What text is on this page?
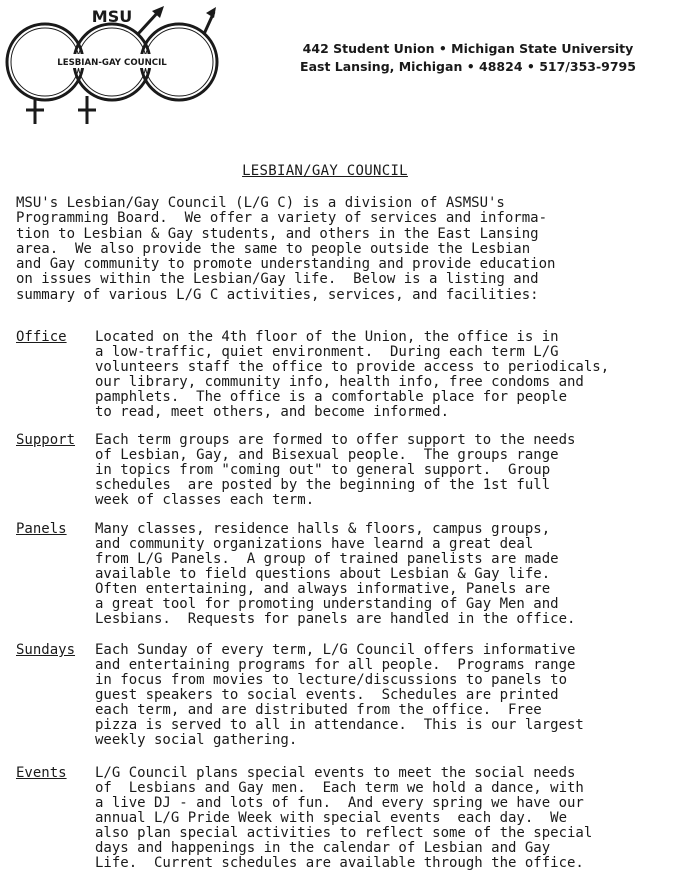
MSU
LESBIAN-GAY COUNCIL
442 Student Union • Michigan State University
East Lansing, Michigan • 48824 • 517/353-9795
LESBIAN/GAY COUNCIL
MSU's Lesbian/Gay Council (L/G C) is a division of ASMSU's
Programming Board.  We offer a variety of services and informa-
tion to Lesbian & Gay students, and others in the East Lansing
area.  We also provide the same to people outside the Lesbian
and Gay community to promote understanding and provide education
on issues within the Lesbian/Gay life.  Below is a listing and
summary of various L/G C activities, services, and facilities:
Office Located on the 4th floor of the Union, the office is in
a low-traffic, quiet environment.  During each term L/G
volunteers staff the office to provide access to periodicals,
our library, community info, health info, free condoms and
pamphlets.  The office is a comfortable place for people
to read, meet others, and become informed.
Support Each term groups are formed to offer support to the needs
of Lesbian, Gay, and Bisexual people.  The groups range
in topics from "coming out" to general support.  Group
schedules  are posted by the beginning of the 1st full
week of classes each term.
Panels Many classes, residence halls & floors, campus groups,
and community organizations have learnd a great deal
from L/G Panels.  A group of trained panelists are made
available to field questions about Lesbian & Gay life.
Often entertaining, and always informative, Panels are
a great tool for promoting understanding of Gay Men and
Lesbians.  Requests for panels are handled in the office.
Sundays Each Sunday of every term, L/G Council offers informative
and entertaining programs for all people.  Programs range
in focus from movies to lecture/discussions to panels to
guest speakers to social events.  Schedules are printed
each term, and are distributed from the office.  Free
pizza is served to all in attendance.  This is our largest
weekly social gathering.
Events L/G Council plans special events to meet the social needs
of  Lesbians and Gay men.  Each term we hold a dance, with
a live DJ - and lots of fun.  And every spring we have our
annual L/G Pride Week with special events  each day.  We
also plan special activities to reflect some of the special
days and happenings in the calendar of Lesbian and Gay
Life.  Current schedules are available through the office.
